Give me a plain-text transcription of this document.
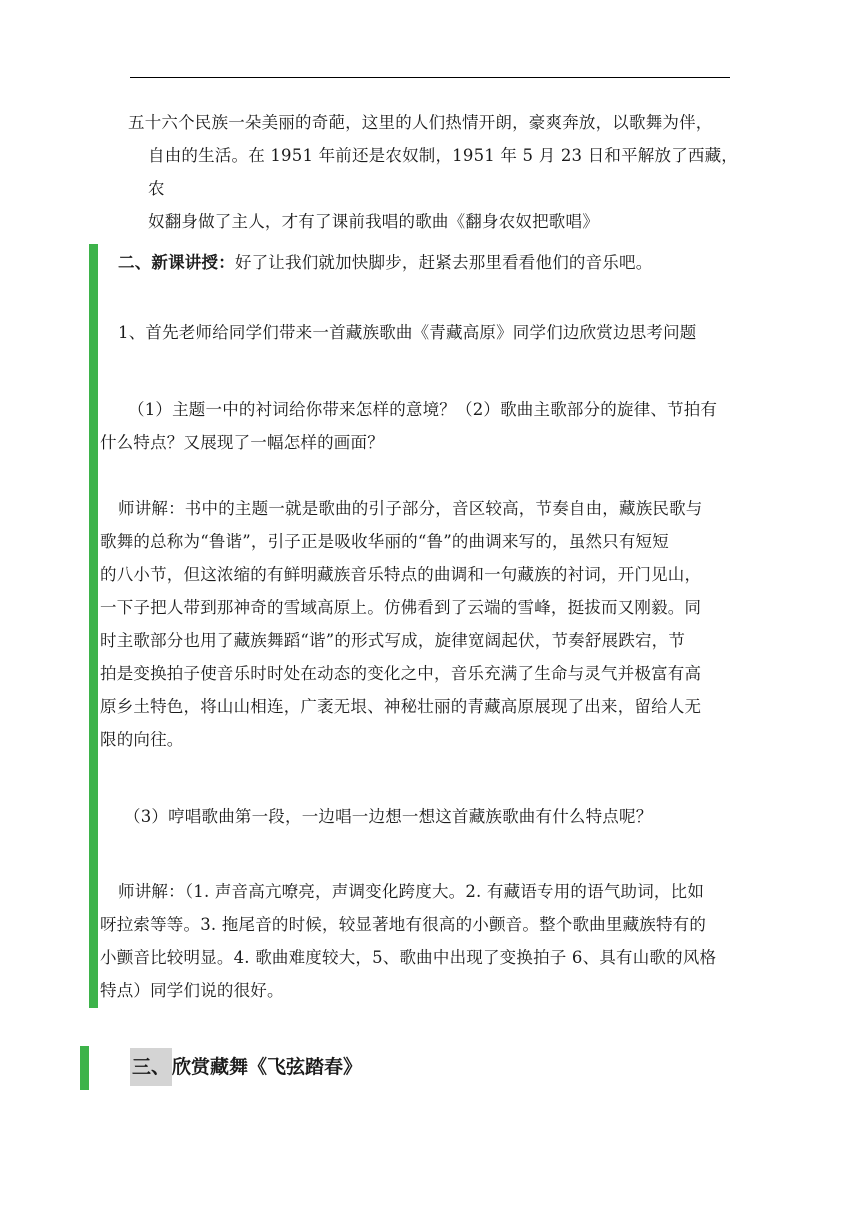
五十六个民族一朵美丽的奇葩，这里的人们热情开朗，豪爽奔放，以歌舞为伴，

自由的生活。在 1951 年前还是农奴制，1951 年 5 月 23 日和平解放了西藏，农

奴翻身做了主人，才有了课前我唱的歌曲《翻身农奴把歌唱》

二、新课讲授：好了让我们就加快脚步，赶紧去那里看看他们的音乐吧。

1、首先老师给同学们带来一首藏族歌曲《青藏高原》同学们边欣赏边思考问题

（1）主题一中的衬词给你带来怎样的意境？（2）歌曲主歌部分的旋律、节拍有

什么特点？又展现了一幅怎样的画面？

师讲解：书中的主题一就是歌曲的引子部分，音区较高，节奏自由，藏族民歌与

歌舞的总称为“鲁谐”，引子正是吸收华丽的“鲁”的曲调来写的，虽然只有短短

的八小节，但这浓缩的有鲜明藏族音乐特点的曲调和一句藏族的衬词，开门见山，

一下子把人带到那神奇的雪域高原上。仿佛看到了云端的雪峰，挺拔而又刚毅。同

时主歌部分也用了藏族舞蹈“谐”的形式写成，旋律宽阔起伏，节奏舒展跌宕，节

拍是变换拍子使音乐时时处在动态的变化之中，音乐充满了生命与灵气并极富有高

原乡土特色，将山山相连，广袤无垠、神秘壮丽的青藏高原展现了出来，留给人无

限的向往。

（3）哼唱歌曲第一段，一边唱一边想一想这首藏族歌曲有什么特点呢？

师讲解：（1. 声音高亢嘹亮，声调变化跨度大。2. 有藏语专用的语气助词，比如

呀拉索等等。3. 拖尾音的时候，较显著地有很高的小颤音。整个歌曲里藏族特有的

小颤音比较明显。4. 歌曲难度较大，5、歌曲中出现了变换拍子 6、具有山歌的风格

特点）同学们说的很好。

三、 欣赏藏舞《飞弦踏春》
